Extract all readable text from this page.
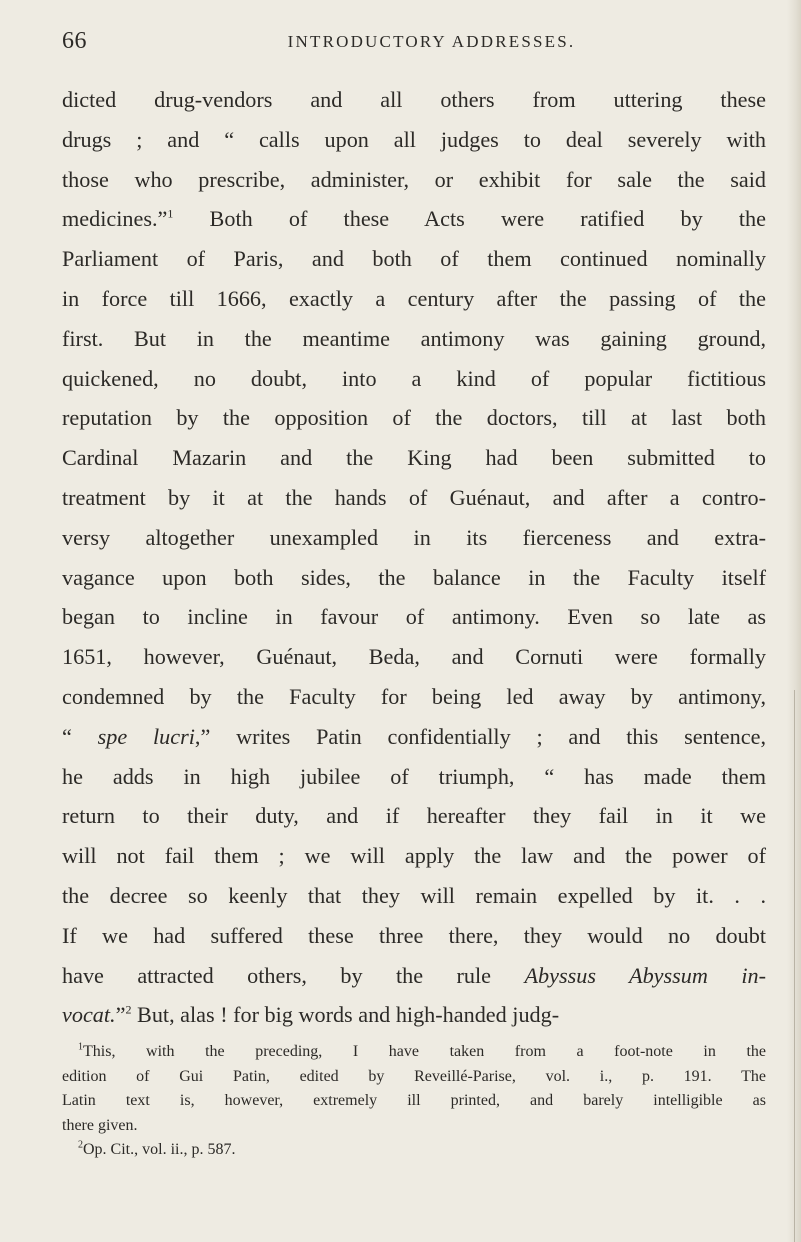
66	INTRODUCTORY ADDRESSES.
dicted drug-vendors and all others from uttering these
drugs ; and “ calls upon all judges to deal severely with
those who prescribe, administer, or exhibit for sale the said
medicines.”$^1$ Both of these Acts were ratified by the
Parliament of Paris, and both of them continued nominally
in force till 1666, exactly a century after the passing of the
first. But in the meantime antimony was gaining ground,
quickened, no doubt, into a kind of popular fictitious
reputation by the opposition of the doctors, till at last both
Cardinal Mazarin and the King had been submitted to
treatment by it at the hands of Guénaut, and after a contro-
versy altogether unexampled in its fierceness and extra-
vagance upon both sides, the balance in the Faculty itself
began to incline in favour of antimony. Even so late as
1651, however, Guénaut, Beda, and Cornuti were formally
condemned by the Faculty for being led away by antimony,
“ spe lucri,” writes Patin confidentially ; and this sentence,
he adds in high jubilee of triumph, “ has made them
return to their duty, and if hereafter they fail in it we
will not fail them ; we will apply the law and the power of
the decree so keenly that they will remain expelled by it. . .
If we had suffered these three there, they would no doubt
have attracted others, by the rule Abyssus Abyssum in-
vocat.”$^2$ But, alas ! for big words and high-handed judg-
$^1$This, with the preceding, I have taken from a foot-note in the
edition of Gui Patin, edited by Reveillé-Parise, vol. i., p. 191. The
Latin text is, however, extremely ill printed, and barely intelligible as
there given.
$^2$Op. Cit., vol. ii., p. 587.
